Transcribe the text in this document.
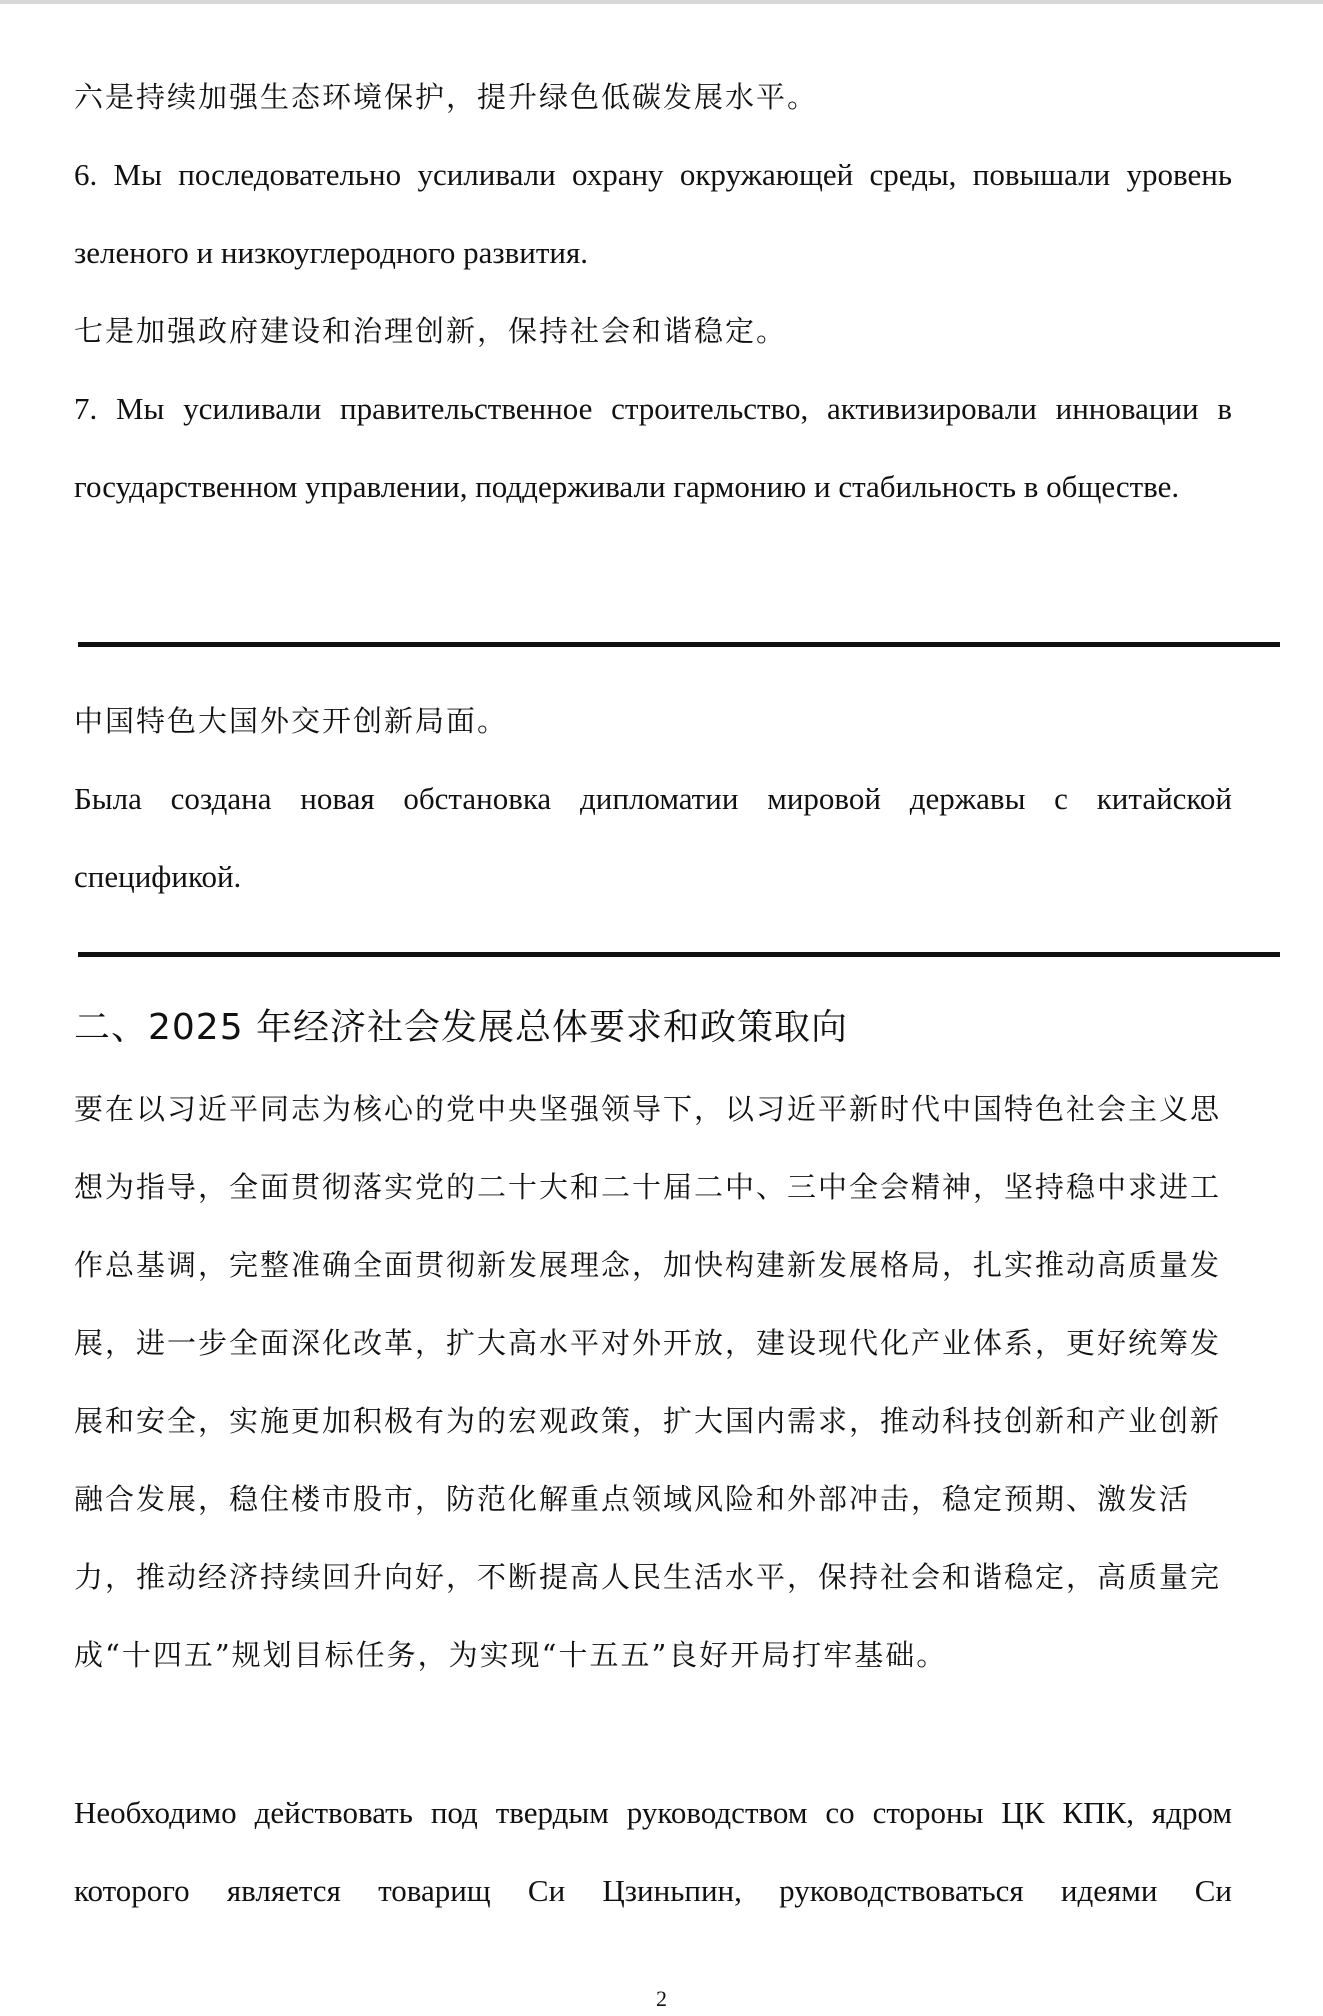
六是持续加强生态环境保护，提升绿色低碳发展水平。

6. Мы последовательно усиливали охрану окружающей среды, повышали уровень зеленого и низкоуглеродного развития.

七是加强政府建设和治理创新，保持社会和谐稳定。

7. Мы усиливали правительственное строительство, активизировали инновации в государственном управлении, поддерживали гармонию и стабильность в обществе.

中国特色大国外交开创新局面。

Была создана новая обстановка дипломатии мировой державы с китайской спецификой.

二、2025 年经济社会发展总体要求和政策取向

要在以习近平同志为核心的党中央坚强领导下，以习近平新时代中国特色社会主义思想为指导，全面贯彻落实党的二十大和二十届二中、三中全会精神，坚持稳中求进工作总基调，完整准确全面贯彻新发展理念，加快构建新发展格局，扎实推动高质量发展，进一步全面深化改革，扩大高水平对外开放，建设现代化产业体系，更好统筹发展和安全，实施更加积极有为的宏观政策，扩大国内需求，推动科技创新和产业创新融合发展，稳住楼市股市，防范化解重点领域风险和外部冲击，稳定预期、激发活力，推动经济持续回升向好，不断提高人民生活水平，保持社会和谐稳定，高质量完成“十四五”规划目标任务，为实现“十五五”良好开局打牢基础。

Необходимо действовать под твердым руководством со стороны ЦК КПК, ядром которого является товарищ Си Цзиньпин, руководствоваться идеями Си

2
